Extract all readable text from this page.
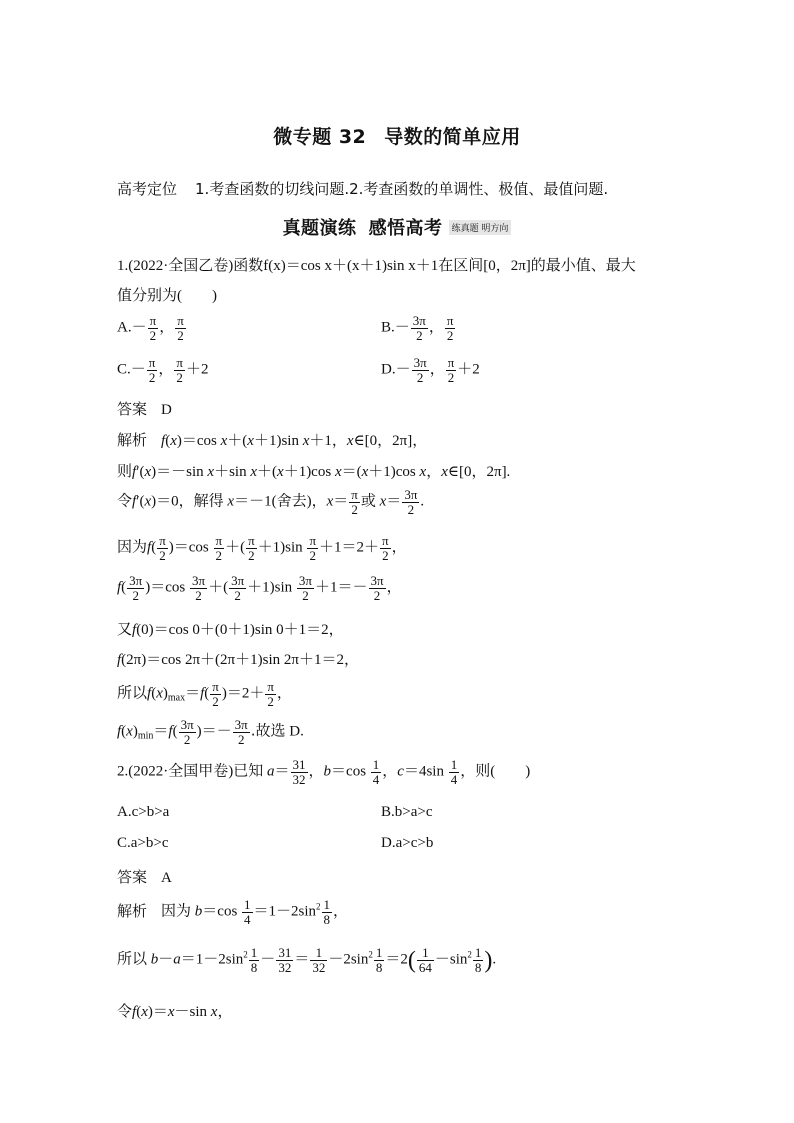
微专题 32 导数的简单应用
高考定位 1.考查函数的切线问题.2.考查函数的单调性、极值、最值问题.
真题演练 感悟高考 练真题 明方向
1.(2022·全国乙卷)函数f(x)＝cos x＋(x＋1)sin x＋1在区间[0，2π]的最小值、最大
值分别为(　　)
$A.- \frac{\pi}{2}$ ， $\frac{\pi}{2}$	$B.- \frac{3\pi}{2}$ ， $\frac{\pi}{2}$
$C.- \frac{\pi}{2}$ ， $\frac{\pi}{2} +2$	$D.- \frac{3\pi}{2}$ ， $\frac{\pi}{2} +2$
答案 D
解析 f(x)＝cos x＋(x＋1)sin x＋1，x∈[0，2π]，
则f′(x)＝－sin x＋sin x＋(x＋1)cos x＝(x＋1)cos x，x∈[0，2π].
令f′(x)＝0，解得 x＝－1(舍去)，$x= \frac{\pi}{2}$ 或 $x= \frac{3\pi}{2}$ .
因为$f( \frac{\pi}{2} )=\cos \frac{\pi}{2}$ ＋( $\frac{\pi}{2} +1)\sin \frac{\pi}{2} +1=2+ \frac{\pi}{2}$ ，
$f( \frac{3\pi}{2} )=\cos \frac{3\pi}{2}$ ＋( $\frac{3\pi}{2} +1)\sin \frac{3\pi}{2} +1=- \frac{3\pi}{2}$ ，
又f(0)＝cos 0＋(0＋1)sin 0＋1＝2，
f(2π)＝cos 2π＋(2π＋1)sin 2π＋1＝2，
所以$f(x)_{max}=f( \frac{\pi}{2} )=2+ \frac{\pi}{2}$ ，
$f(x)_{min}=f( \frac{3\pi}{2}$ )＝－ $\frac{3\pi}{2}$ .故选 D.
2.(2022·全国甲卷)已知 $a= \frac{31}{32}$ ，$b=\cos \frac{1}{4}$ ，$c=4\sin \frac{1}{4}$ ，则(　　)
A.c>b>a	B.b>a>c
C.a>b>c	D.a>c>b
答案 A
解析 因为 $b=\cos \frac{1}{4} =1-2\sin^2 \frac{1}{8}$ ，
所以 $b-a=1-2\sin^2 \frac{1}{8} - \frac{31}{32} = \frac{1}{32} -2\sin^2 \frac{1}{8} =2( \frac{1}{64} -\sin^2 \frac{1}{8}$ ).
令f(x)＝x－sin x，
